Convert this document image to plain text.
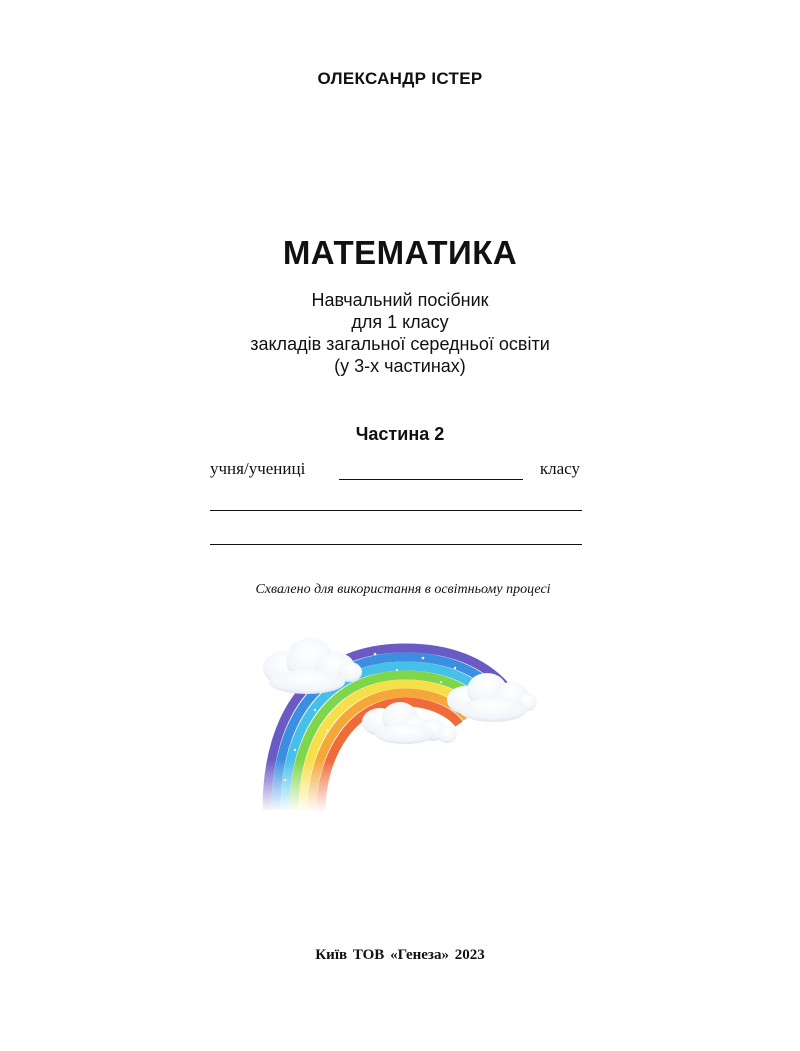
ОЛЕКСАНДР ІСТЕР
МАТЕМАТИКА
Навчальний посібник
для 1 класу
закладів загальної середньої освіти
(у 3-х частинах)
Частина 2
учня/учениці	класу
Схвалено для використання в освітньому процесі
Київ ТОВ «Генеза» 2023
